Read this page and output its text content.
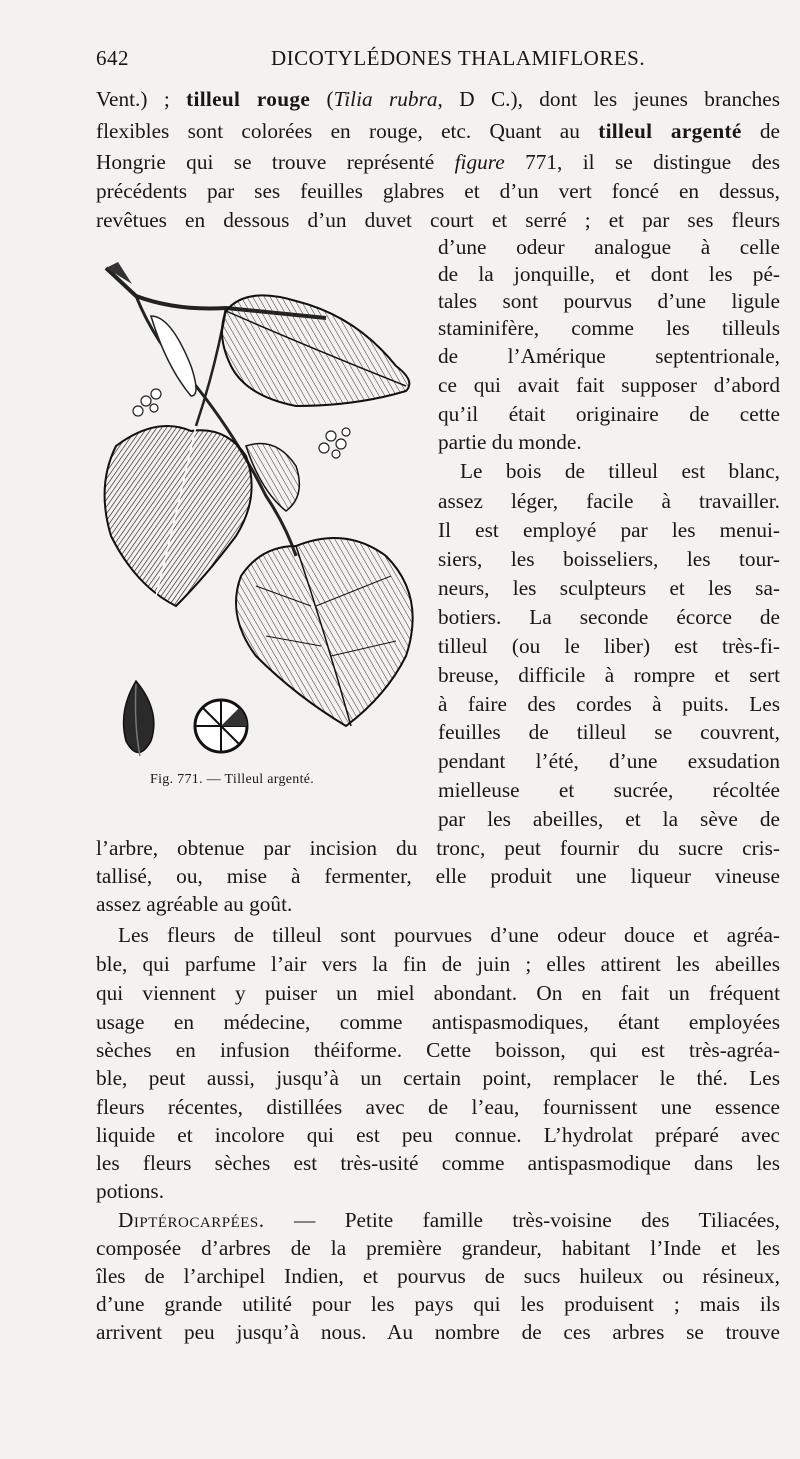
642	DICOTYLÉDONES THALAMIFLORES.
Vent.) ; tilleul rouge (Tilia rubra, D C.), dont les jeunes branches
flexibles sont colorées en rouge, etc. Quant au tilleul argenté de
Hongrie qui se trouve représenté figure 771, il se distingue des
précédents par ses feuilles glabres et d’un vert foncé en dessus,
revêtues en dessous d’un duvet court et serré ; et par ses fleurs
Fig. 771. — Tilleul argenté.
d’une odeur analogue à celle
de la jonquille, et dont les pé-
tales sont pourvus d’une ligule
staminifère, comme les tilleuls
de l’Amérique septentrionale,
ce qui avait fait supposer d’abord
qu’il était originaire de cette
partie du monde.
Le bois de tilleul est blanc,
assez léger, facile à travailler.
Il est employé par les menui-
siers, les boisseliers, les tour-
neurs, les sculpteurs et les sa-
botiers. La seconde écorce de
tilleul (ou le liber) est très-fi-
breuse, difficile à rompre et sert
à faire des cordes à puits. Les
feuilles de tilleul se couvrent,
pendant l’été, d’une exsudation
mielleuse et sucrée, récoltée
par les abeilles, et la sève de
l’arbre, obtenue par incision du tronc, peut fournir du sucre cris-
tallisé, ou, mise à fermenter, elle produit une liqueur vineuse
assez agréable au goût.
Les fleurs de tilleul sont pourvues d’une odeur douce et agréa-
ble, qui parfume l’air vers la fin de juin ; elles attirent les abeilles
qui viennent y puiser un miel abondant. On en fait un fréquent
usage en médecine, comme antispasmodiques, étant employées
sèches en infusion théiforme. Cette boisson, qui est très-agréa-
ble, peut aussi, jusqu’à un certain point, remplacer le thé. Les
fleurs récentes, distillées avec de l’eau, fournissent une essence
liquide et incolore qui est peu connue. L’hydrolat préparé avec
les fleurs sèches est très-usité comme antispasmodique dans les
potions.
Diptérocarpées. — Petite famille très-voisine des Tiliacées,
composée d’arbres de la première grandeur, habitant l’Inde et les
îles de l’archipel Indien, et pourvus de sucs huileux ou résineux,
d’une grande utilité pour les pays qui les produisent ; mais ils
arrivent peu jusqu’à nous. Au nombre de ces arbres se trouve
